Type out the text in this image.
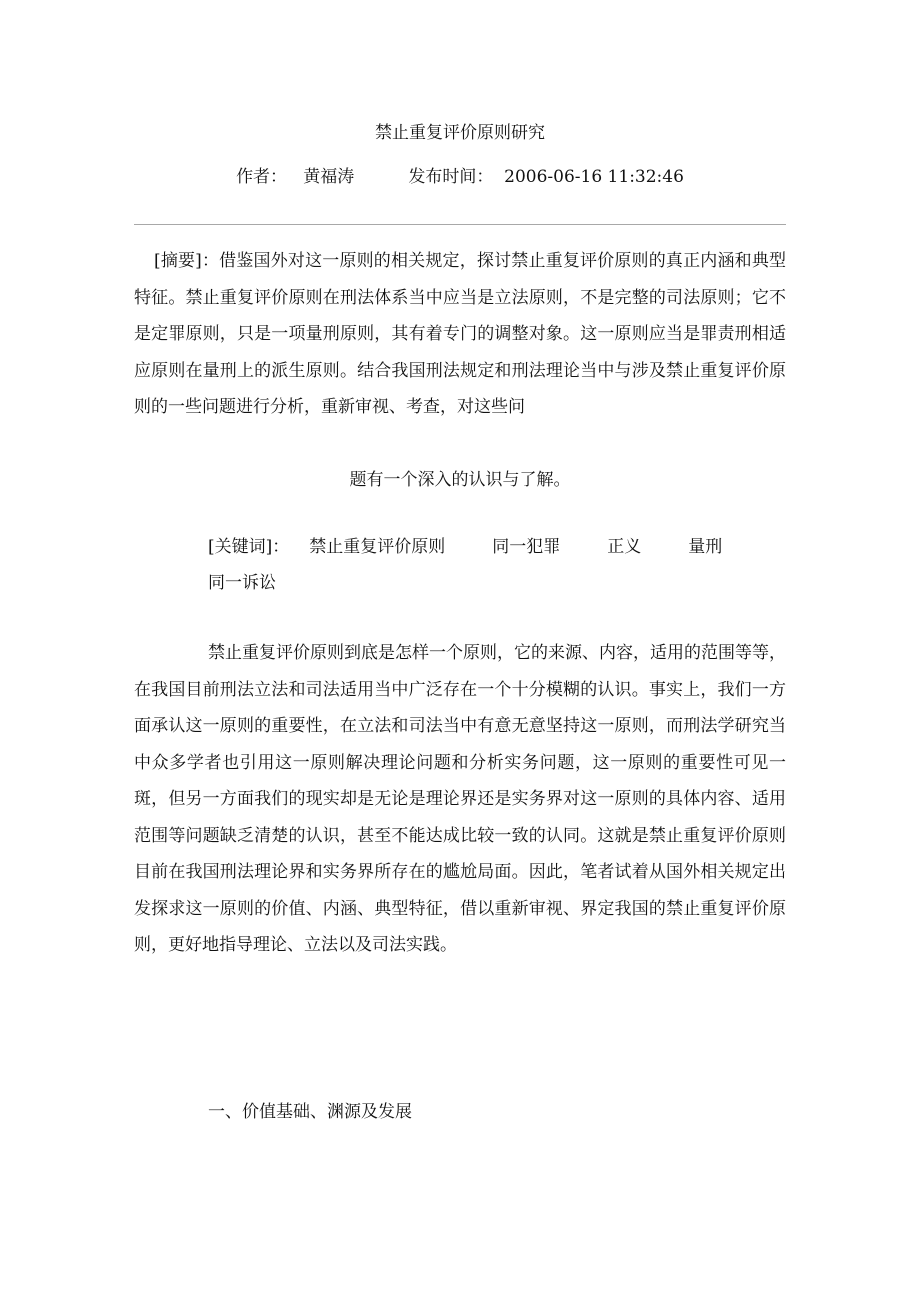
禁止重复评价原则研究
作者： 黄福涛	发布时间： 2006-06-16 11:32:46
[摘要]：借鉴国外对这一原则的相关规定，探讨禁止重复评价原则的真正内涵和典型特征。禁止重复评价原则在刑法体系当中应当是立法原则，不是完整的司法原则；它不是定罪原则，只是一项量刑原则，其有着专门的调整对象。这一原则应当是罪责刑相适应原则在量刑上的派生原则。结合我国刑法规定和刑法理论当中与涉及禁止重复评价原则的一些问题进行分析，重新审视、考查，对这些问
题有一个深入的认识与了解。
[关键词]： 禁止重复评价原则	同一犯罪	正义	量刑
同一诉讼
禁止重复评价原则到底是怎样一个原则，它的来源、内容，适用的范围等等，在我国目前刑法立法和司法适用当中广泛存在一个十分模糊的认识。事实上，我们一方面承认这一原则的重要性，在立法和司法当中有意无意坚持这一原则，而刑法学研究当中众多学者也引用这一原则解决理论问题和分析实务问题，这一原则的重要性可见一斑，但另一方面我们的现实却是无论是理论界还是实务界对这一原则的具体内容、适用范围等问题缺乏清楚的认识，甚至不能达成比较一致的认同。这就是禁止重复评价原则目前在我国刑法理论界和实务界所存在的尴尬局面。因此，笔者试着从国外相关规定出发探求这一原则的价值、内涵、典型特征，借以重新审视、界定我国的禁止重复评价原则，更好地指导理论、立法以及司法实践。
一、价值基础、渊源及发展
